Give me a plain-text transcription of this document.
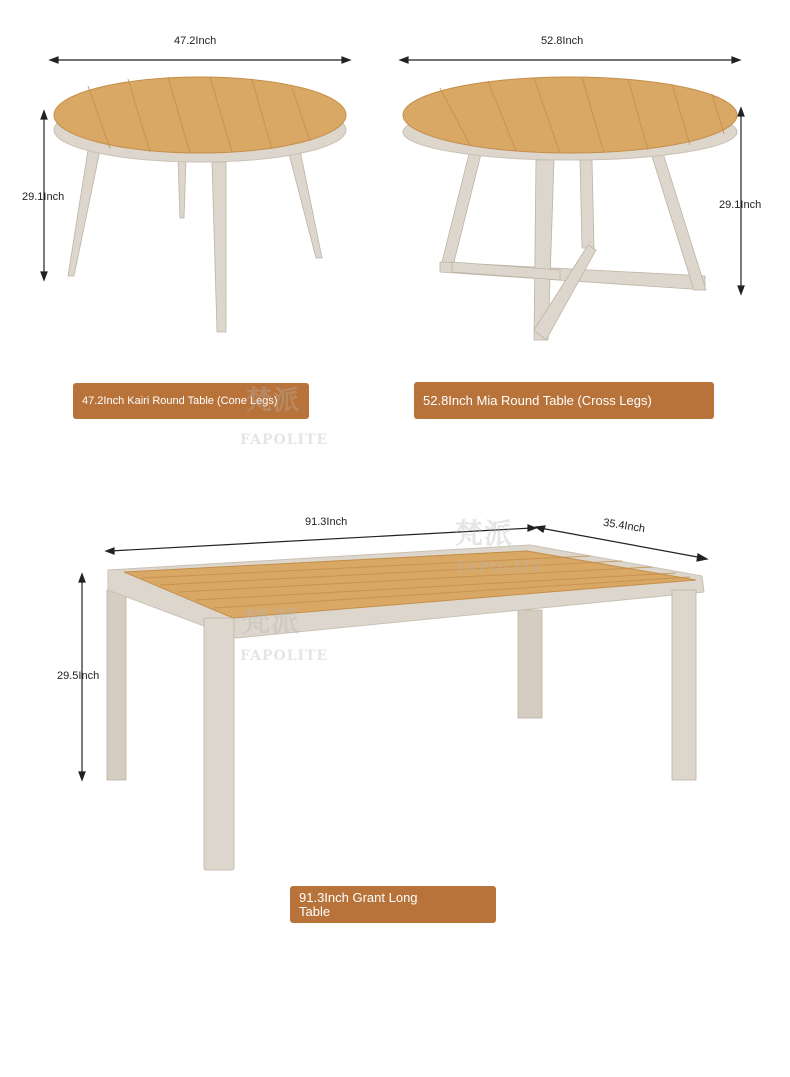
47.2Inch
29.1Inch
47.2Inch Kairi Round Table (Cone Legs)
52.8Inch
29.1Inch
52.8Inch Mia Round Table (Cross Legs)
梵派
FAPOLITE
91.3Inch	35.4Inch
29.5Inch
91.3Inch Grant Long Table
梵派
FAPOLITE
梵派
FAPOLITE
